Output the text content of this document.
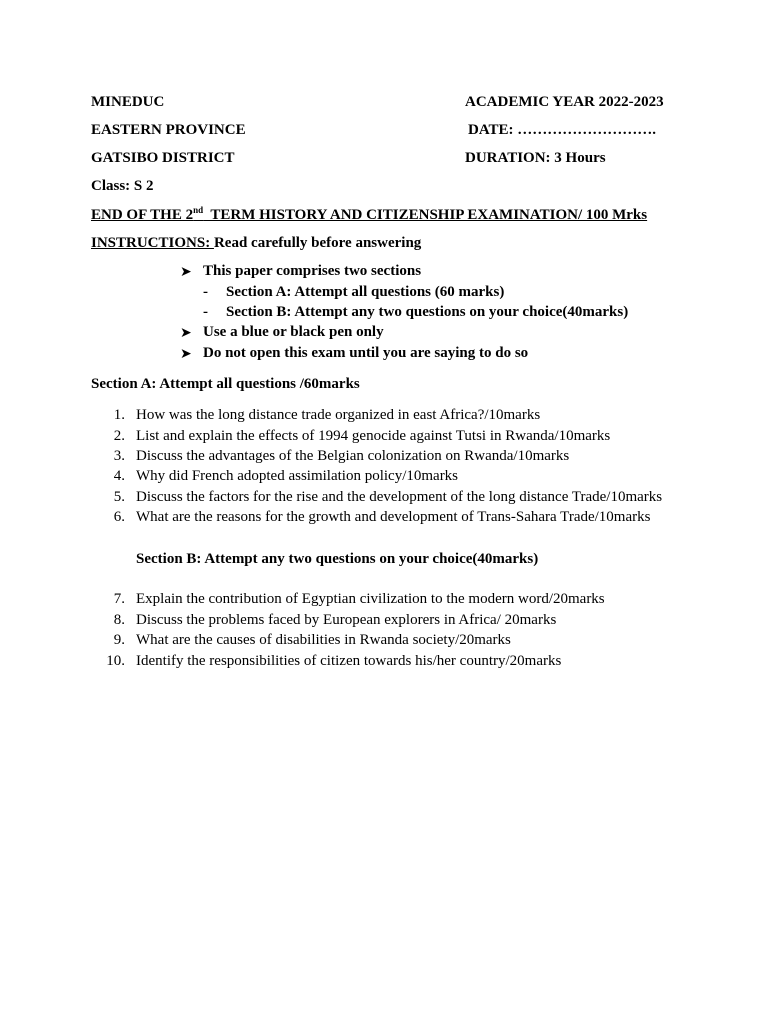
MINEDUC	ACADEMIC YEAR 2022-2023
EASTERN PROVINCE	DATE: ……………………….
GATSIBO DISTRICT	DURATION: 3 Hours
Class: S 2
END OF THE 2nd  TERM HISTORY AND CITIZENSHIP EXAMINATION/ 100 Mrks
INSTRUCTIONS: Read carefully before answering
➤ This paper comprises two sections
- Section A: Attempt all questions (60 marks)
- Section B: Attempt any two questions on your choice(40marks)
➤ Use a blue or black pen only
➤ Do not open this exam until you are saying to do so
Section A: Attempt all questions /60marks
1. How was the long distance trade organized in east Africa?/10marks
2. List and explain the effects of 1994 genocide against Tutsi in Rwanda/10marks
3. Discuss the advantages of the Belgian colonization on Rwanda/10marks
4. Why did French adopted assimilation policy/10marks
5. Discuss the factors for the rise and the development of the long distance Trade/10marks
6. What are the reasons for the growth and development of Trans-Sahara Trade/10marks
Section B: Attempt any two questions on your choice(40marks)
7. Explain the contribution of Egyptian civilization to the modern word/20marks
8. Discuss the problems faced by European explorers in Africa/ 20marks
9. What are the causes of disabilities in Rwanda society/20marks
10. Identify the responsibilities of citizen towards his/her country/20marks
